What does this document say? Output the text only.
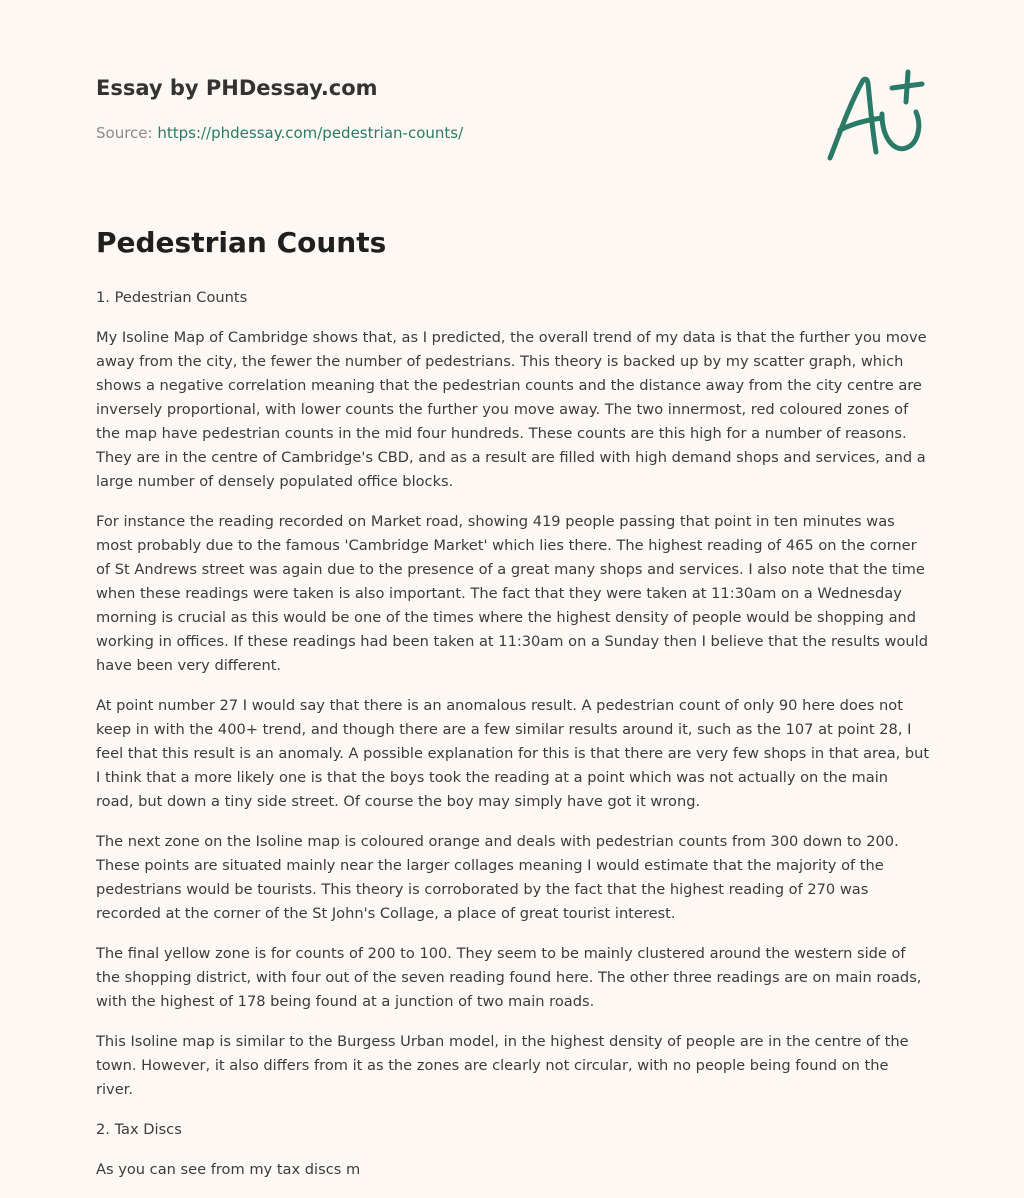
Essay by PHDessay.com
Source: https://phdessay.com/pedestrian-counts/
Pedestrian Counts

1. Pedestrian Counts

My Isoline Map of Cambridge shows that, as I predicted, the overall trend of my data is that the further you move away from the city, the fewer the number of pedestrians. This theory is backed up by my scatter graph, which shows a negative correlation meaning that the pedestrian counts and the distance away from the city centre are inversely proportional, with lower counts the further you move away. The two innermost, red coloured zones of the map have pedestrian counts in the mid four hundreds. These counts are this high for a number of reasons. They are in the centre of Cambridge's CBD, and as a result are filled with high demand shops and services, and a large number of densely populated office blocks.

For instance the reading recorded on Market road, showing 419 people passing that point in ten minutes was most probably due to the famous 'Cambridge Market' which lies there. The highest reading of 465 on the corner of St Andrews street was again due to the presence of a great many shops and services. I also note that the time when these readings were taken is also important. The fact that they were taken at 11:30am on a Wednesday morning is crucial as this would be one of the times where the highest density of people would be shopping and working in offices. If these readings had been taken at 11:30am on a Sunday then I believe that the results would have been very different.

At point number 27 I would say that there is an anomalous result. A pedestrian count of only 90 here does not keep in with the 400+ trend, and though there are a few similar results around it, such as the 107 at point 28, I feel that this result is an anomaly. A possible explanation for this is that there are very few shops in that area, but I think that a more likely one is that the boys took the reading at a point which was not actually on the main road, but down a tiny side street. Of course the boy may simply have got it wrong.

The next zone on the Isoline map is coloured orange and deals with pedestrian counts from 300 down to 200. These points are situated mainly near the larger collages meaning I would estimate that the majority of the pedestrians would be tourists. This theory is corroborated by the fact that the highest reading of 270 was recorded at the corner of the St John's Collage, a place of great tourist interest.

The final yellow zone is for counts of 200 to 100. They seem to be mainly clustered around the western side of the shopping district, with four out of the seven reading found here. The other three readings are on main roads, with the highest of 178 being found at a junction of two main roads.

This Isoline map is similar to the Burgess Urban model, in the highest density of people are in the centre of the town. However, it also differs from it as the zones are clearly not circular, with no people being found on the river.

2. Tax Discs

As you can see from my tax discs m
